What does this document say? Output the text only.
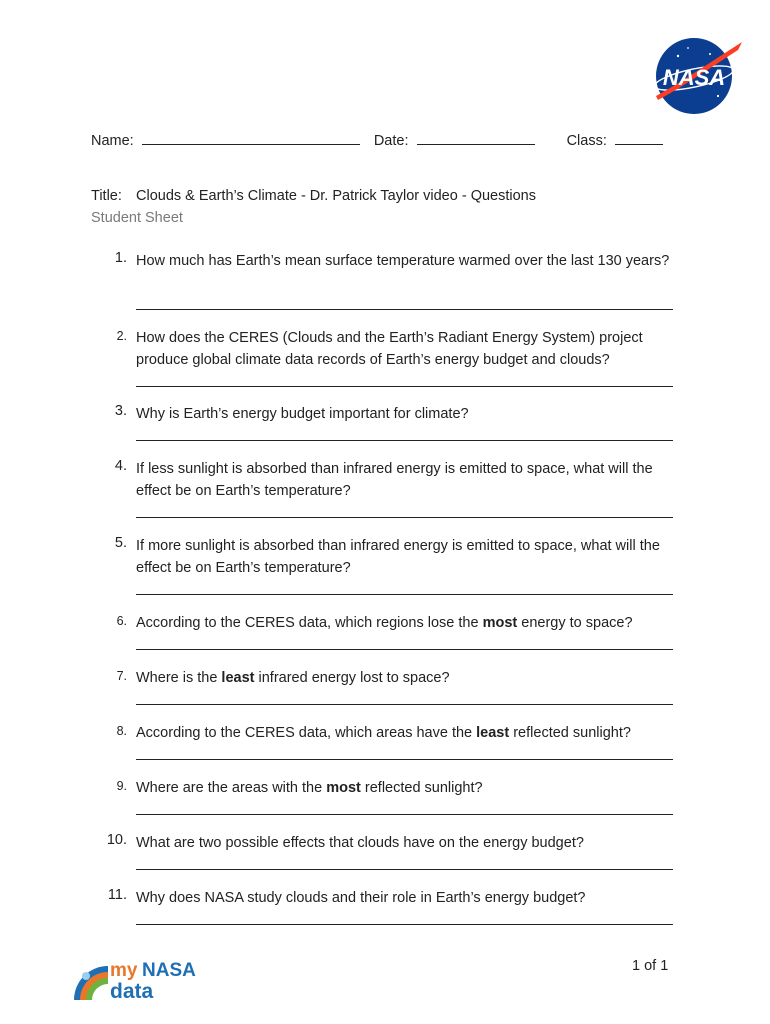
NASA
Name:	Date:	Class:
Title: Clouds & Earth’s Climate - Dr. Patrick Taylor video - Questions
Student Sheet
1. How much has Earth’s mean surface temperature warmed over the last 130 years?
2. How does the CERES (Clouds and the Earth’s Radiant Energy System) project produce global climate data records of Earth’s energy budget and clouds?
3. Why is Earth’s energy budget important for climate?
4. If less sunlight is absorbed than infrared energy is emitted to space, what will the effect be on Earth’s temperature?
5. If more sunlight is absorbed than infrared energy is emitted to space, what will the effect be on Earth’s temperature?
6. According to the CERES data, which regions lose the most energy to space?
7. Where is the least infrared energy lost to space?
8. According to the CERES data, which areas have the least reflected sunlight?
9. Where are the areas with the most reflected sunlight?
10. What are two possible effects that clouds have on the energy budget?
11. Why does NASA study clouds and their role in Earth’s energy budget?
my NASA
data
1 of 1
